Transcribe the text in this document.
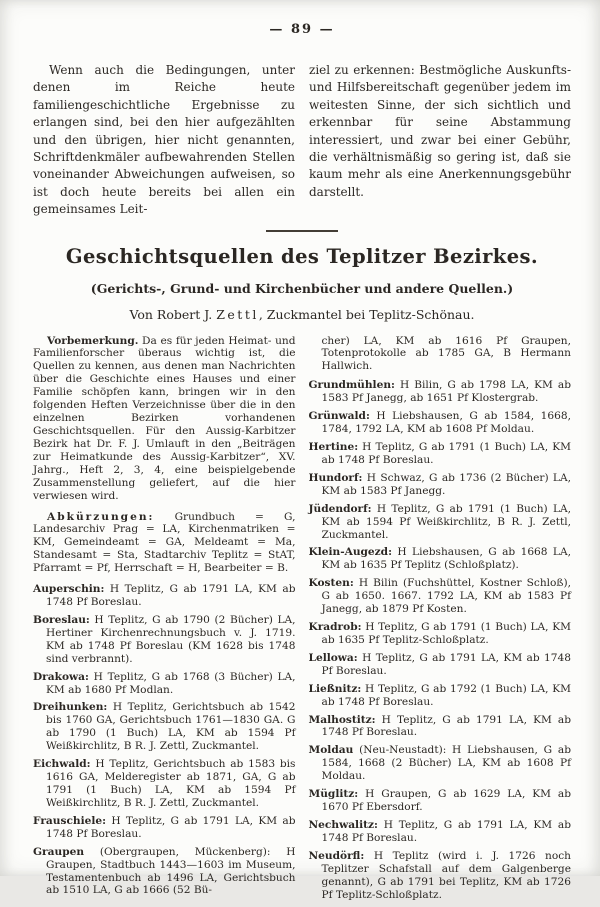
— 89 —

Wenn auch die Bedingungen, unter denen im Reiche heute familiengeschichtliche Ergebnisse zu erlangen sind, bei den hier aufgezählten und den übrigen, hier nicht genannten, Schriftdenkmäler aufbewahrenden Stellen voneinander Abweichungen aufweisen, so ist doch heute bereits bei allen ein gemeinsames Leit-

ziel zu erkennen: Bestmögliche Auskunfts- und Hilfsbereitschaft gegenüber jedem im weitesten Sinne, der sich sichtlich und erkennbar für seine Abstammung interessiert, und zwar bei einer Gebühr, die verhältnismäßig so gering ist, daß sie kaum mehr als eine Anerkennungsgebühr darstellt.

Geschichtsquellen des Teplitzer Bezirkes.
(Gerichts-, Grund- und Kirchenbücher und andere Quellen.)
Von Robert J. Zettl, Zuckmantel bei Teplitz-Schönau.

Vorbemerkung. Da es für jeden Heimat- und Familienforscher überaus wichtig ist, die Quellen zu kennen, aus denen man Nachrichten über die Geschichte eines Hauses und einer Familie schöpfen kann, bringen wir in den folgenden Heften Verzeichnisse über die in den einzelnen Bezirken vorhandenen Geschichtsquellen. Für den Aussig-Karbitzer Bezirk hat Dr. F. J. Umlauft in den „Beiträgen zur Heimatkunde des Aussig-Karbitzer“, XV. Jahrg., Heft 2, 3, 4, eine beispielgebende Zusammenstellung geliefert, auf die hier verwiesen wird.

Abkürzungen: Grundbuch = G, Landesarchiv Prag = LA, Kirchenmatriken = KM, Gemeindeamt = GA, Meldeamt = Ma, Standesamt = Sta, Stadtarchiv Teplitz = StAT, Pfarramt = Pf, Herrschaft = H, Bearbeiter = B.

Auperschin: H Teplitz, G ab 1791 LA, KM ab 1748 Pf Boreslau.

Boreslau: H Teplitz, G ab 1790 (2 Bücher) LA, Hertiner Kirchenrechnungsbuch v. J. 1719. KM ab 1748 Pf Boreslau (KM 1628 bis 1748 sind verbrannt).

Drakowa: H Teplitz, G ab 1768 (3 Bücher) LA, KM ab 1680 Pf Modlan.

Dreihunken: H Teplitz, Gerichtsbuch ab 1542 bis 1760 GA, Gerichtsbuch 1761—1830 GA. G ab 1790 (1 Buch) LA, KM ab 1594 Pf Weißkirchlitz, B R. J. Zettl, Zuckmantel.

Eichwald: H Teplitz, Gerichtsbuch ab 1583 bis 1616 GA, Melderegister ab 1871, GA, G ab 1791 (1 Buch) LA, KM ab 1594 Pf Weißkirchlitz, B R. J. Zettl, Zuckmantel.

Frauschiele: H Teplitz, G ab 1791 LA, KM ab 1748 Pf Boreslau.

Graupen (Obergraupen, Mückenberg): H Graupen, Stadtbuch 1443—1603 im Museum, Testamentenbuch ab 1496 LA, Gerichtsbuch ab 1510 LA, G ab 1666 (52 Bü-

cher) LA, KM ab 1616 Pf Graupen, Totenprotokolle ab 1785 GA, B Hermann Hallwich.

Grundmühlen: H Bilin, G ab 1798 LA, KM ab 1583 Pf Janegg, ab 1651 Pf Klostergrab.

Grünwald: H Liebshausen, G ab 1584, 1668, 1784, 1792 LA, KM ab 1608 Pf Moldau.

Hertine: H Teplitz, G ab 1791 (1 Buch) LA, KM ab 1748 Pf Boreslau.

Hundorf: H Schwaz, G ab 1736 (2 Bücher) LA, KM ab 1583 Pf Janegg.

Jüdendorf: H Teplitz, G ab 1791 (1 Buch) LA, KM ab 1594 Pf Weißkirchlitz, B R. J. Zettl, Zuckmantel.

Klein-Augezd: H Liebshausen, G ab 1668 LA, KM ab 1635 Pf Teplitz (Schloßplatz).

Kosten: H Bilin (Fuchshüttel, Kostner Schloß), G ab 1650. 1667. 1792 LA, KM ab 1583 Pf Janegg, ab 1879 Pf Kosten.

Kradrob: H Teplitz, G ab 1791 (1 Buch) LA, KM ab 1635 Pf Teplitz-Schloßplatz.

Lellowa: H Teplitz, G ab 1791 LA, KM ab 1748 Pf Boreslau.

Ließnitz: H Teplitz, G ab 1792 (1 Buch) LA, KM ab 1748 Pf Boreslau.

Malhostitz: H Teplitz, G ab 1791 LA, KM ab 1748 Pf Boreslau.

Moldau (Neu-Neustadt): H Liebshausen, G ab 1584, 1668 (2 Bücher) LA, KM ab 1608 Pf Moldau.

Müglitz: H Graupen, G ab 1629 LA, KM ab 1670 Pf Ebersdorf.

Nechwalitz: H Teplitz, G ab 1791 LA, KM ab 1748 Pf Boreslau.

Neudörfl: H Teplitz (wird i. J. 1726 noch Teplitzer Schafstall auf dem Galgenberge genannt), G ab 1791 bei Teplitz, KM ab 1726 Pf Teplitz-Schloßplatz.
